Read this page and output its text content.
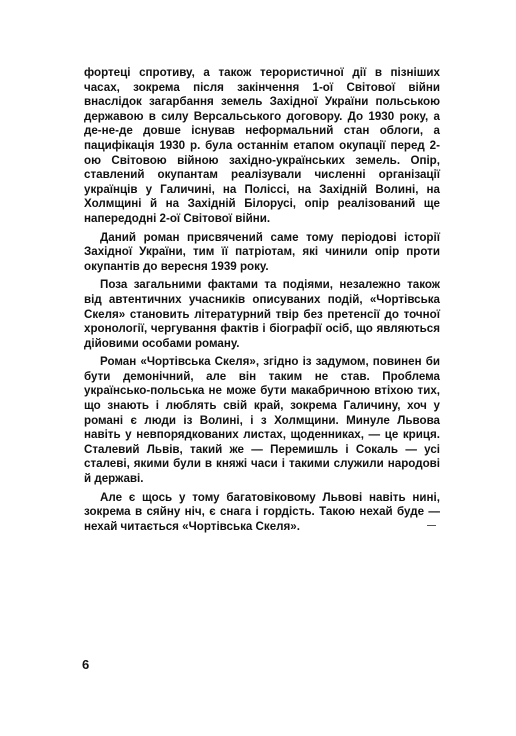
фортеці спротиву, а також терористичної дії в пізніших часах, зокрема після закінчення 1-ої Світової війни внаслідок загарбання земель Західної України польською державою в силу Версальського договору. До 1930 року, а де-не-де довше існував неформальний стан облоги, а пацифікація 1930 р. була останнім етапом окупації перед 2-ою Світовою війною західно-українських земель. Опір, ставлений окупантам реалізували численні організації українців у Галичині, на Поліссі, на Західній Волині, на Холмщині й на Західній Білорусі, опір реалізований ще напередодні 2-ої Світової війни.

Даний роман присвячений саме тому періодові історії Західної України, тим її патріотам, які чинили опір проти окупантів до вересня 1939 року.

Поза загальними фактами та подіями, незалежно також від автентичних учасників описуваних подій, «Чортівська Скеля» становить літературний твір без претенсії до точної хронології, чергування фактів і біографії осіб, що являються дійовими особами роману.

Роман «Чортівська Скеля», згідно із задумом, повинен би бути демонічний, але він таким не став. Проблема українсько-польська не може бути макабричною втіхою тих, що знають і люблять свій край, зокрема Галичину, хоч у романі є люди із Волині, і з Холмщини. Минуле Львова навіть у невпорядкованих листах, щоденниках, — це криця. Сталевий Львів, такий же — Перемишль і Сокаль — усі сталеві, якими були в княжі часи і такими служили народові й державі.

Але є щось у тому багатовіковому Львові навіть нині, зокрема в сяйну ніч, є снага і гордість. Такою нехай буде — нехай читається «Чортівська Скеля».

6
